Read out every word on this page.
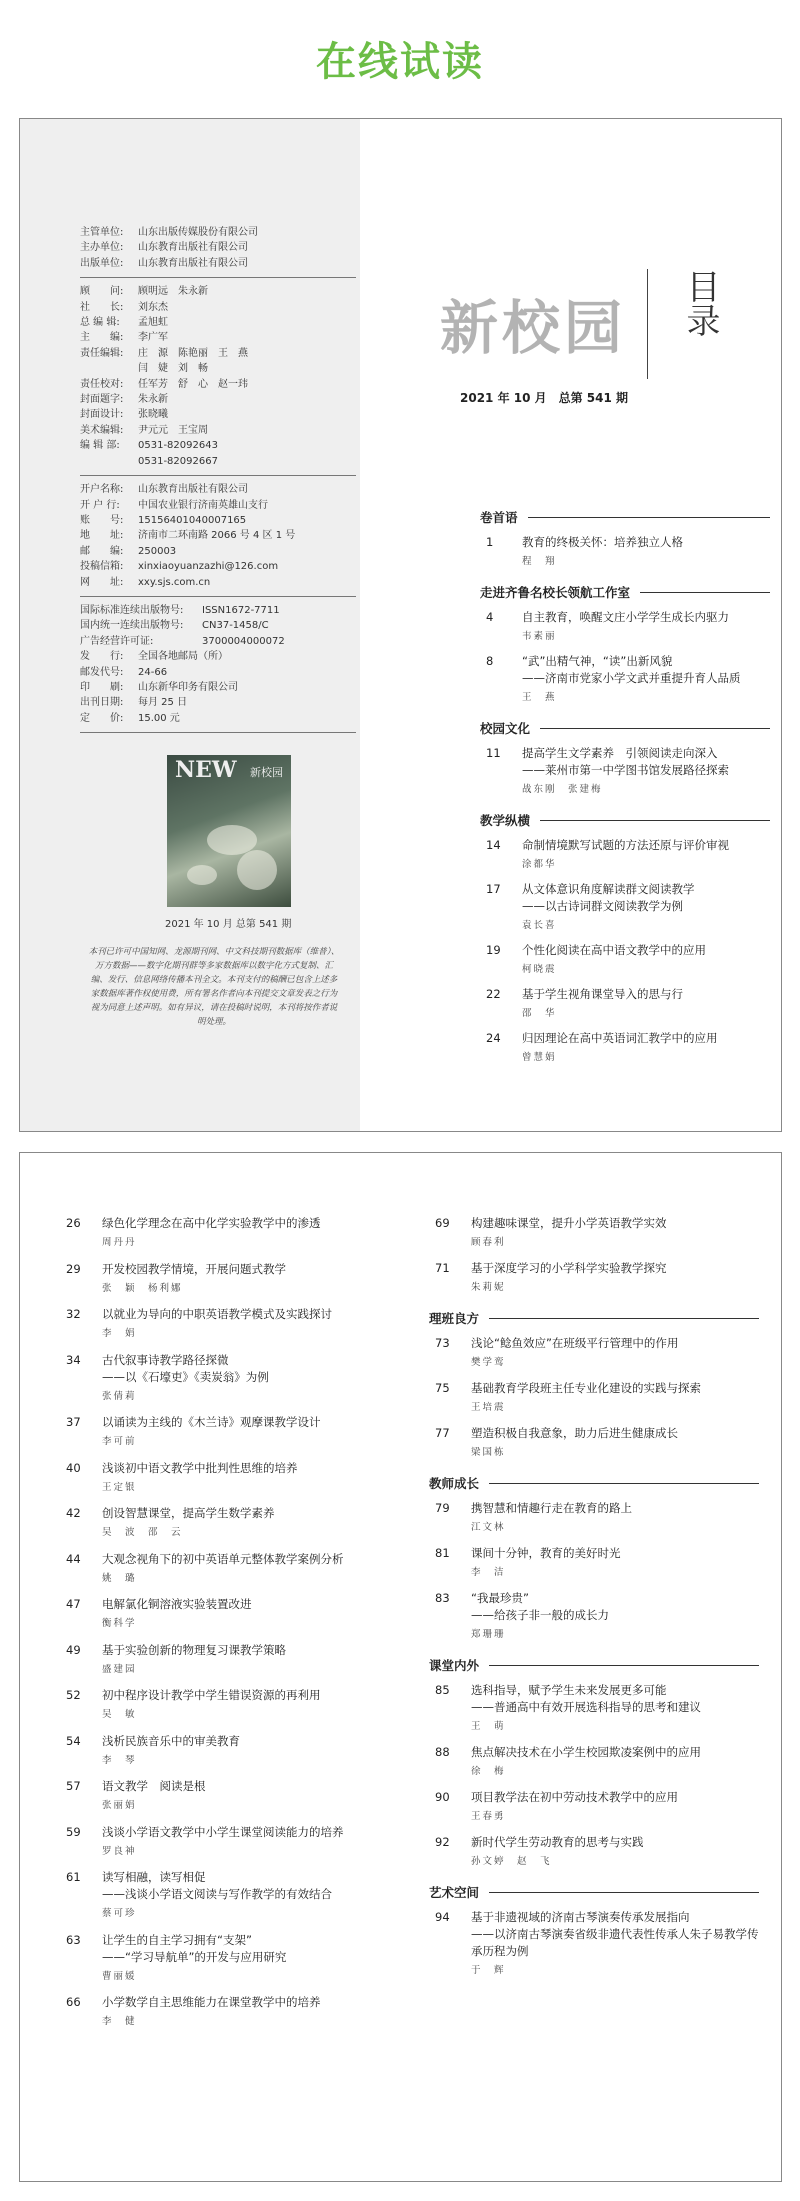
在线试读
主管单位:	山东出版传媒股份有限公司
主办单位:	山东教育出版社有限公司
出版单位:	山东教育出版社有限公司
顾　　问:	顾明远　朱永新
社　　长:	刘东杰
总 编 辑:	孟旭虹
主　　编:	李广军
责任编辑:	庄　源　陈艳丽　王　燕
闫　婕　刘　畅
责任校对:	任军芳　舒　心　赵一玮
封面题字:	朱永新
封面设计:	张晓曦
美术编辑:	尹元元　王宝周
编 辑 部:	0531-82092643
0531-82092667
开户名称:	山东教育出版社有限公司
开 户 行:	中国农业银行济南英雄山支行
账　　号:	15156401040007165
地　　址:	济南市二环南路 2066 号 4 区 1 号
邮　　编:	250003
投稿信箱:	xinxiaoyuanzazhi@126.com
网　　址:	xxy.sjs.com.cn
国际标准连续出版物号:	ISSN1672-7711
国内统一连续出版物号:	CN37-1458/C
广告经营许可证:	3700004000072
发　　行:	全国各地邮局（所）
邮发代号:	24-66
印　　刷:	山东新华印务有限公司
出刊日期:	每月 25 日
定　　价:	15.00 元
NEW 新校园
2021 年 10 月 总第 541 期
本刊已许可中国知网、龙源期刊网、中文科技期刊数据库（维普）、万方数据——数字化期刊群等多家数据库以数字化方式复制、汇编、发行、信息网络传播本刊全文。本刊支付的稿酬已包含上述多家数据库著作权使用费，所有署名作者向本刊提交文章发表之行为视为同意上述声明。如有异议，请在投稿时说明，本刊将按作者说明处理。
新校园 目录
2021 年 10 月　总第 541 期
卷首语
1	教育的终极关怀：培养独立人格
程　翔
走进齐鲁名校长领航工作室
4	自主教育，唤醒文庄小学学生成长内驱力
韦素丽
8	“武”出精气神，“读”出新风貌
——济南市党家小学文武并重提升育人品质
王　燕
校园文化
11	提高学生文学素养　引领阅读走向深入
——莱州市第一中学图书馆发展路径探索
战东刚　张建梅
教学纵横
14	命制情境默写试题的方法还原与评价审视
涂都华
17	从文体意识角度解读群文阅读教学
——以古诗词群文阅读教学为例
袁长喜
19	个性化阅读在高中语文教学中的应用
柯晓震
22	基于学生视角课堂导入的思与行
邵　华
24	归因理论在高中英语词汇教学中的应用
曾慧娟
26	绿色化学理念在高中化学实验教学中的渗透
周丹丹
29	开发校园教学情境，开展问题式教学
张　颖　杨利娜
32	以就业为导向的中职英语教学模式及实践探讨
李　娟
34	古代叙事诗教学路径探微
——以《石壕吏》《卖炭翁》为例
张倩莉
37	以诵读为主线的《木兰诗》观摩课教学设计
李可前
40	浅谈初中语文教学中批判性思维的培养
王定银
42	创设智慧课堂，提高学生数学素养
吴　波　邵　云
44	大观念视角下的初中英语单元整体教学案例分析
姚　璐
47	电解氯化铜溶液实验装置改进
衡科学
49	基于实验创新的物理复习课教学策略
盛建园
52	初中程序设计教学中学生错误资源的再利用
吴　敏
54	浅析民族音乐中的审美教育
李　琴
57	语文教学　阅读是根
张丽娟
59	浅谈小学语文教学中小学生课堂阅读能力的培养
罗良神
61	读写相融，读写相促
——浅谈小学语文阅读与写作教学的有效结合
蔡可珍
63	让学生的自主学习拥有“支架”
——“学习导航单”的开发与应用研究
曹丽媛
66	小学数学自主思维能力在课堂教学中的培养
李　健
69	构建趣味课堂，提升小学英语教学实效
顾春利
71	基于深度学习的小学科学实验教学探究
朱莉妮
理班良方
73	浅论“鲶鱼效应”在班级平行管理中的作用
樊学鸾
75	基础教育学段班主任专业化建设的实践与探索
王培震
77	塑造积极自我意象，助力后进生健康成长
梁国栋
教师成长
79	携智慧和情趣行走在教育的路上
江文林
81	课间十分钟，教育的美好时光
李　洁
83	“我最珍贵”
——给孩子非一般的成长力
郑珊珊
课堂内外
85	选科指导，赋予学生未来发展更多可能
——普通高中有效开展选科指导的思考和建议
王　萌
88	焦点解决技术在小学生校园欺凌案例中的应用
徐　梅
90	项目教学法在初中劳动技术教学中的应用
王春勇
92	新时代学生劳动教育的思考与实践
孙文婷　赵　飞
艺术空间
94	基于非遗视域的济南古琴演奏传承发展指向
——以济南古琴演奏省级非遗代表性传承人朱子易教学传承历程为例
于　辉
